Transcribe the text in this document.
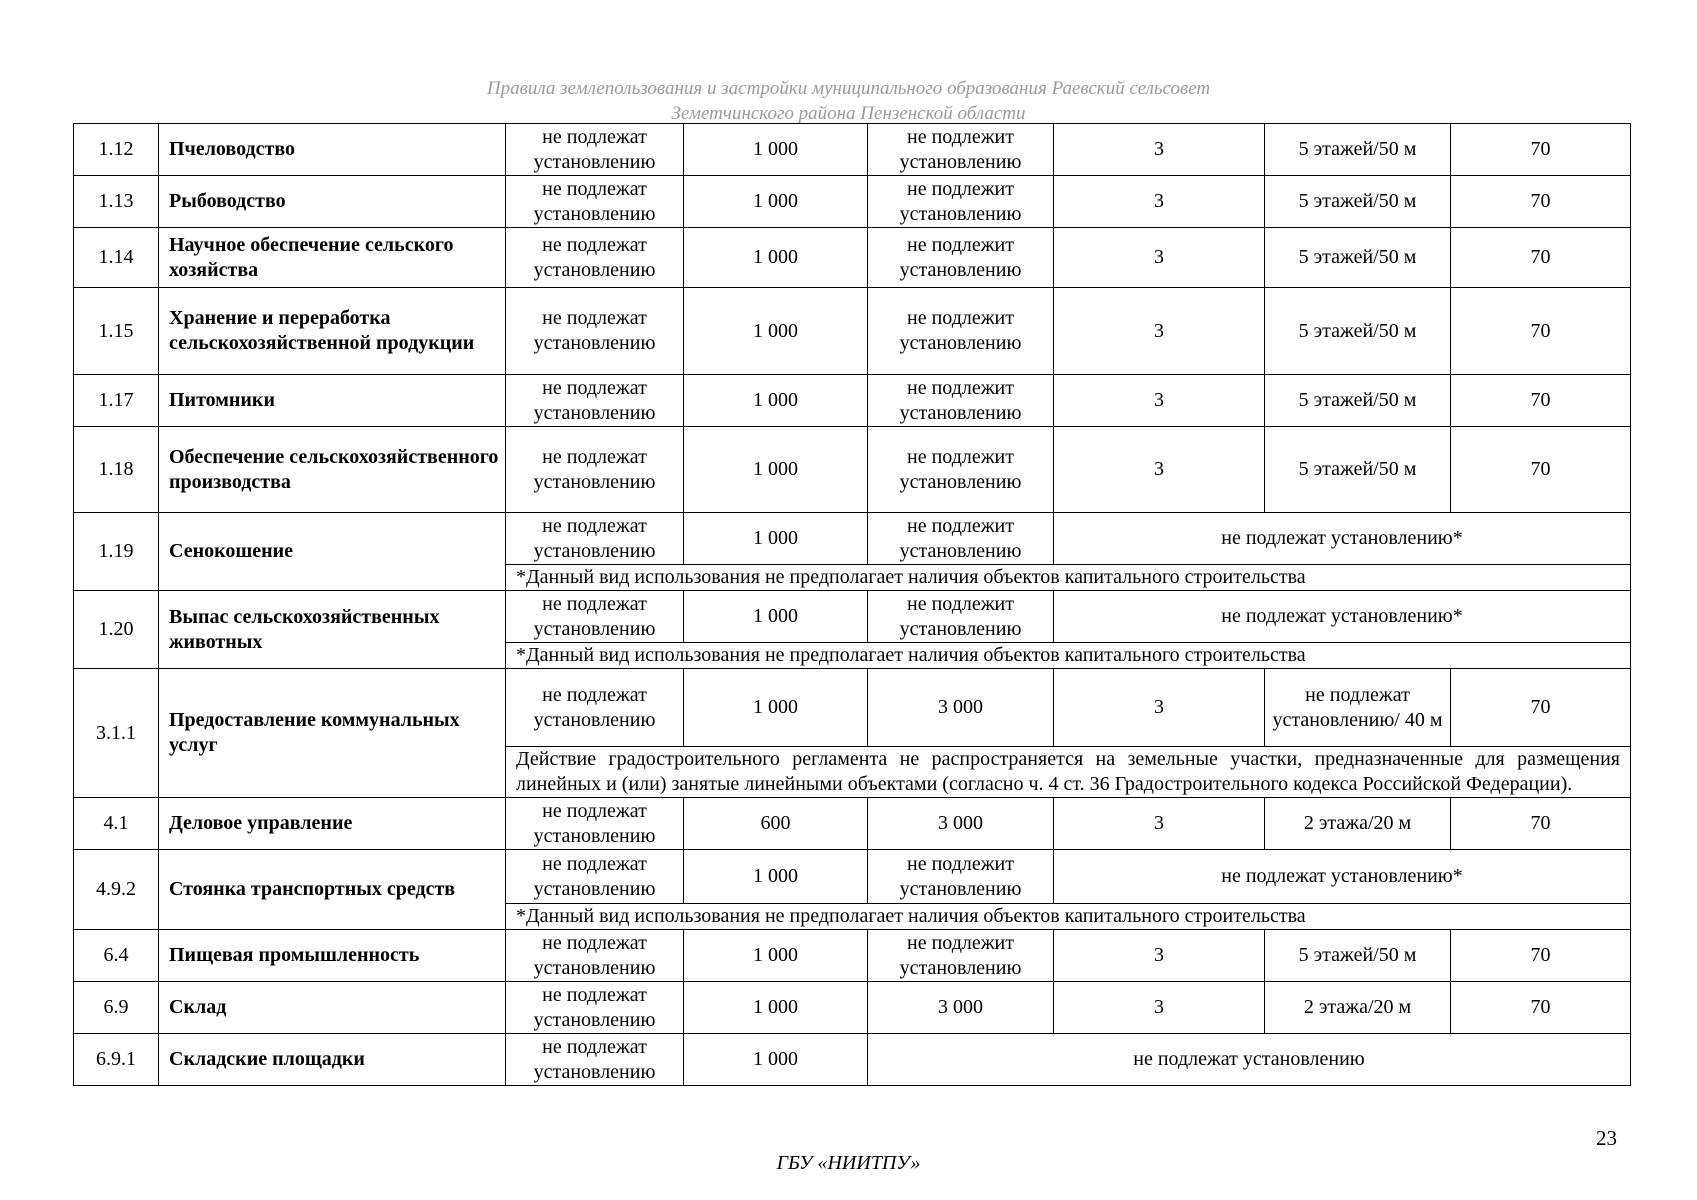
Правила землепользования и застройки муниципального образования Раевский сельсовет
Земетчинского района Пензенской области
1.12	Пчеловодство	не подлежат установлению	1 000	не подлежит установлению	3	5 этажей/50 м	70
1.13	Рыбоводство	не подлежат установлению	1 000	не подлежит установлению	3	5 этажей/50 м	70
1.14	Научное обеспечение сельского хозяйства	не подлежат установлению	1 000	не подлежит установлению	3	5 этажей/50 м	70
1.15	Хранение и переработка сельскохозяйственной продукции	не подлежат установлению	1 000	не подлежит установлению	3	5 этажей/50 м	70
1.17	Питомники	не подлежат установлению	1 000	не подлежит установлению	3	5 этажей/50 м	70
1.18	Обеспечение сельскохозяйственного производства	не подлежат установлению	1 000	не подлежит установлению	3	5 этажей/50 м	70
1.19	Сенокошение	не подлежат установлению	1 000	не подлежит установлению	не подлежат установлению*		
		*Данный вид использования не предполагает наличия объектов капитального строительства					
1.20	Выпас сельскохозяйственных животных	не подлежат установлению	1 000	не подлежит установлению	не подлежат установлению*		
		*Данный вид использования не предполагает наличия объектов капитального строительства					
3.1.1	Предоставление коммунальных услуг	не подлежат установлению	1 000	3 000	3	не подлежат установлению/ 40 м	70
		Действие градостроительного регламента не распространяется на земельные участки, предназначенные для размещения линейных и (или) занятые линейными объектами (согласно ч. 4 ст. 36 Градостроительного кодекса Российской Федерации).					
4.1	Деловое управление	не подлежат установлению	600	3 000	3	2 этажа/20 м	70
4.9.2	Стоянка транспортных средств	не подлежат установлению	1 000	не подлежит установлению	не подлежат установлению*		
		*Данный вид использования не предполагает наличия объектов капитального строительства					
6.4	Пищевая промышленность	не подлежат установлению	1 000	не подлежит установлению	3	5 этажей/50 м	70
6.9	Склад	не подлежат установлению	1 000	3 000	3	2 этажа/20 м	70
6.9.1	Складские площадки	не подлежат установлению	1 000	не подлежат установлению			
23
ГБУ «НИИТПУ»
